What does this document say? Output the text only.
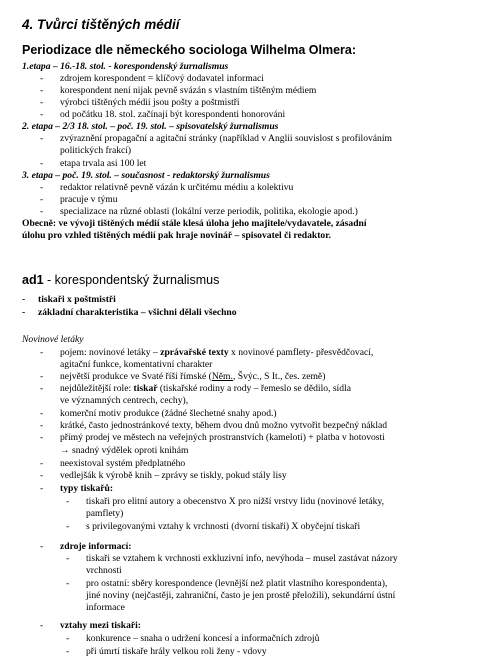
4. Tvůrci tištěných médií
Periodizace dle německého sociologa Wilhelma Olmera:
1.etapa – 16.-18. stol. - korespondenský žurnalismus
- zdrojem korespondent = klíčový dodavatel informaci
- korespondent není nijak pevně svázán s vlastním tištěným médiem
- výrobci tištěných médií jsou pošty a poštmistři
- od počátku 18. stol. začínají být korespondenti honorováni
2. etapa – 2/3 18. stol. – poč. 19. stol. – spisovatelský žurnalismus
- zvýraznění propagační a agitační stránky (například v Anglii souvislost s profilováním
politických frakcí)
- etapa trvala asi 100 let
3. etapa – poč. 19. stol. – současnost - redaktorský žurnalismus
- redaktor relativně pevně vázán k určitému médiu a kolektivu
- pracuje v týmu
- specializace na různé oblasti (lokální verze periodik, politika, ekologie apod.)
Obecně: ve vývoji tištěných médií stále klesá úloha jeho majitele/vydavatele, zásadní
úlohu pro vzhled tištěných médií pak hraje novinář – spisovatel či redaktor.
ad1 - korespondentský žurnalismus
- tiskaři x poštmistři
- základní charakteristika – všichni dělali všechno
Novinové letáky
- pojem: novinové letáky – zprávařské texty x novinové pamflety- přesvědčovací,
agitační funkce, komentativní charakter
- největší produkce ve Svaté říši římské (Něm., Švýc., S It., čes. země)
- nejdůležitější role: tiskař (tiskařské rodiny a rody – řemeslo se dědilo, sídla
ve významných centrech, cechy),
- komerční motiv produkce (žádné šlechetné snahy apod.)
- krátké, často jednostránkové texty, během dvou dnů možno vytvořit bezpečný náklad
- přímý prodej ve městech na veřejných prostranstvích (kameloti) + platba v hotovosti
→ snadný výdělek oproti knihám
- neexistoval systém předplatného
- vedlejšák k výrobě knih – zprávy se tiskly, pokud stály lisy
- typy tiskařů:
- tiskaři pro elitní autory a obecenstvo X pro nižší vrstvy lidu (novinové letáky,
pamflety)
- s privilegovanými vztahy k vrchnosti (dvorní tiskaři) X obyčejní tiskaři
- zdroje informací:
- tiskaři se vztahem k vrchnosti exkluzivní info, nevýhoda – musel zastávat názory
vrchnosti
- pro ostatní: sběry korespondence (levnější než platit vlastního korespondenta),
jiné noviny (nejčastěji, zahraniční, často je jen prostě přeložili), sekundární ústní
informace
- vztahy mezi tiskaři:
- konkurence – snaha o udržení koncesí a informačních zdrojů
- při úmrtí tiskaře hrály velkou roli ženy - vdovy
